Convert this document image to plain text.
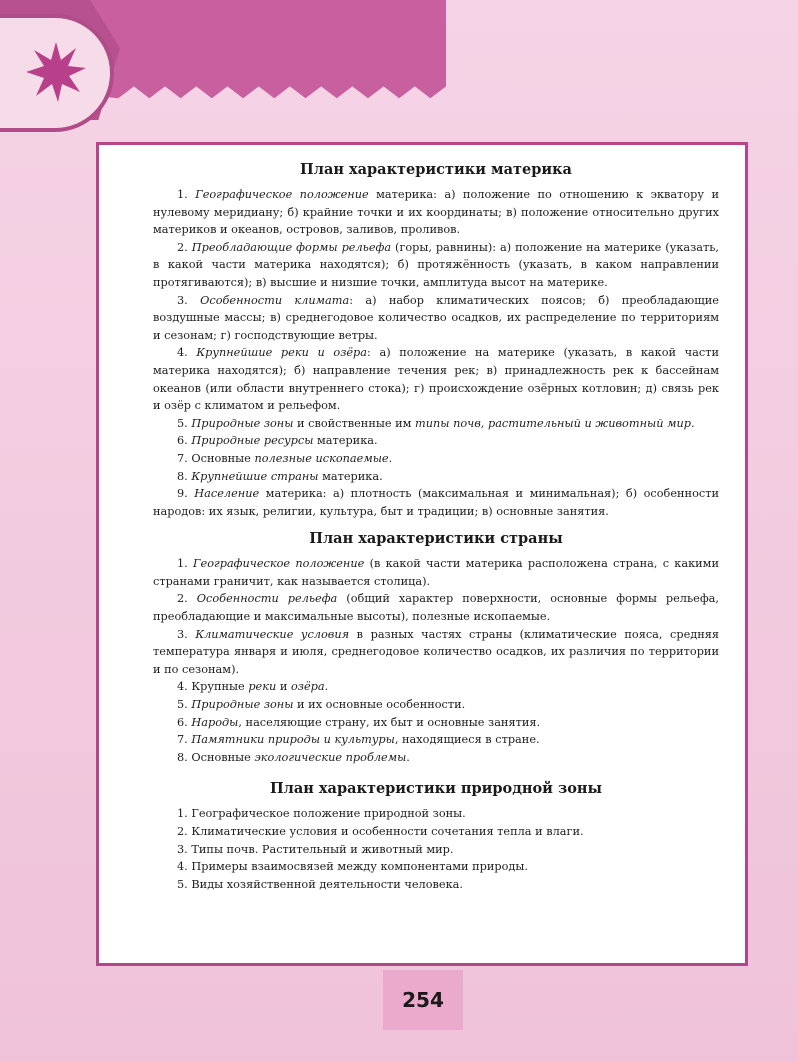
План характеристики материка
1. Географическое положение материка: а) положение по отношению к экватору и нулевому меридиану; б) крайние точки и их координаты; в) положение относительно других материков и океанов, островов, заливов, проливов.
2. Преобладающие формы рельефа (горы, равнины): а) положение на материке (указать, в какой части материка находятся); б) протяжённость (указать, в каком направлении протягиваются); в) высшие и низшие точки, амплитуда высот на материке.
3. Особенности климата: а) набор климатических поясов; б) преобладающие воздушные массы; в) среднегодовое количество осадков, их распределение по территориям и сезонам; г) господствующие ветры.
4. Крупнейшие реки и озёра: а) положение на материке (указать, в какой части материка находятся); б) направление течения рек; в) принадлежность рек к бассейнам океанов (или области внутреннего стока); г) происхождение озёрных котловин; д) связь рек и озёр с климатом и рельефом.
5. Природные зоны и свойственные им типы почв, растительный и животный мир.
6. Природные ресурсы материка.
7. Основные полезные ископаемые.
8. Крупнейшие страны материка.
9. Население материка: а) плотность (максимальная и минимальная); б) особенности народов: их язык, религии, культура, быт и традиции; в) основные занятия.
План характеристики страны
1. Географическое положение (в какой части материка расположена страна, с какими странами граничит, как называется столица).
2. Особенности рельефа (общий характер поверхности, основные формы рельефа, преобладающие и максимальные высоты), полезные ископаемые.
3. Климатические условия в разных частях страны (климатические пояса, средняя температура января и июля, среднегодовое количество осадков, их различия по территории и по сезонам).
4. Крупные реки и озёра.
5. Природные зоны и их основные особенности.
6. Народы, населяющие страну, их быт и основные занятия.
7. Памятники природы и культуры, находящиеся в стране.
8. Основные экологические проблемы.
План характеристики природной зоны
1. Географическое положение природной зоны.
2. Климатические условия и особенности сочетания тепла и влаги.
3. Типы почв. Растительный и животный мир.
4. Примеры взаимосвязей между компонентами природы.
5. Виды хозяйственной деятельности человека.
254
